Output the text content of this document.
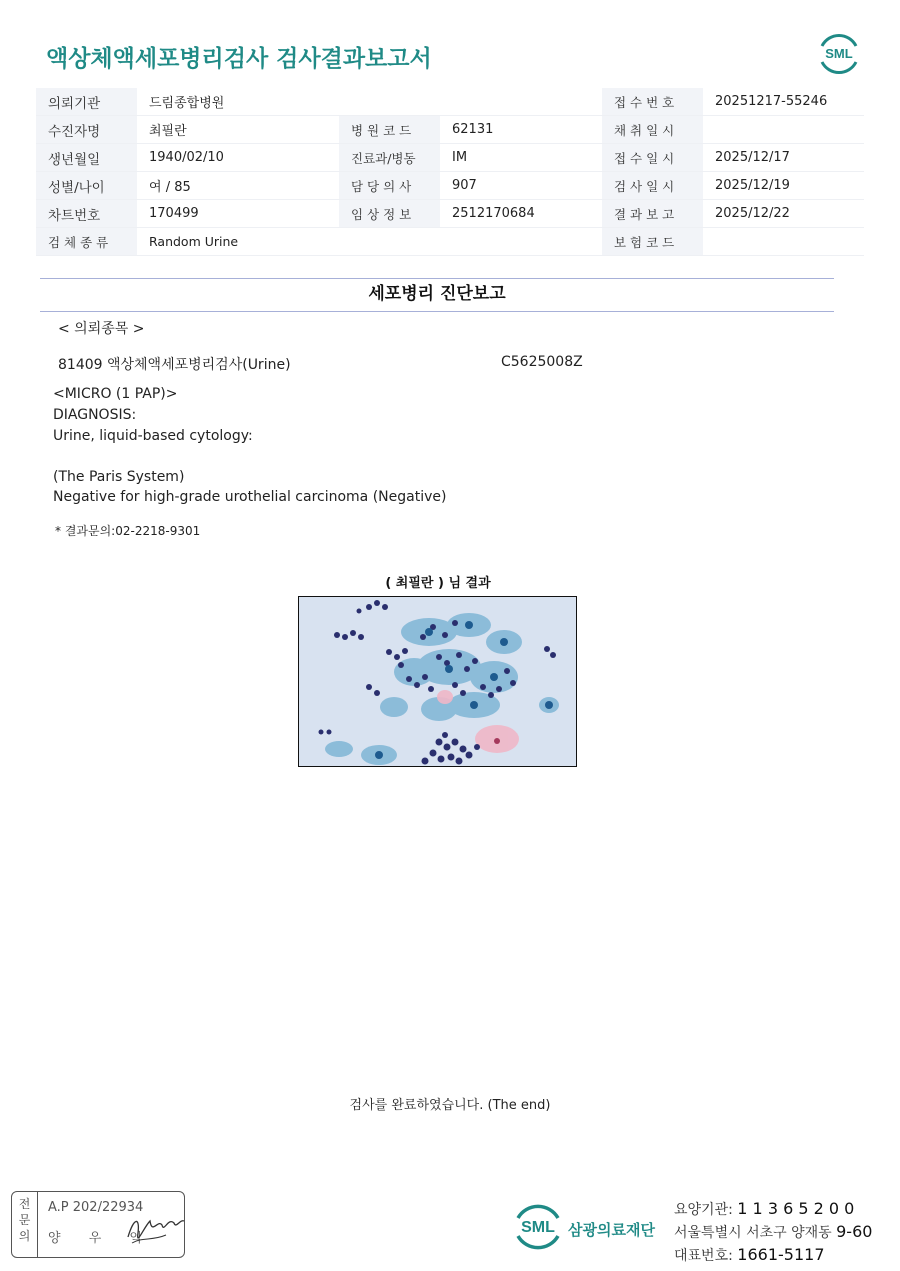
액상체액세포병리검사 검사결과보고서	SML
의뢰기관	드림종합병원			접 수 번 호	20251217-55246
수진자명	최필란	병 원 코 드	62131	채 취 일 시	
생년월일	1940/02/10	진료과/병동	IM	접 수 일 시	2025/12/17
성별/나이	여 / 85	담 당 의 사	907	검 사 일 시	2025/12/19
차트번호	170499	임 상 정 보	2512170684	결 과 보 고	2025/12/22
검 체 종 류	Random Urine			보 험 코 드	
세포병리 진단보고
< 의뢰종목 >
81409 액상체액세포병리검사(Urine)	C5625008Z
<MICRO (1 PAP)>
DIAGNOSIS:
Urine, liquid-based cytology:
(The Paris System)
Negative for high-grade urothelial carcinoma (Negative)
* 결과문의:02-2218-9301
( 최필란 ) 님 결과
검사를 완료하였습니다. (The end)
전
문
의
A.P 202/22934
양 우 익
SML 삼광의료재단
요양기관: 1 1 3 6 5 2 0 0
서울특별시 서초구 양재동 9-60
대표번호: 1661-5117
